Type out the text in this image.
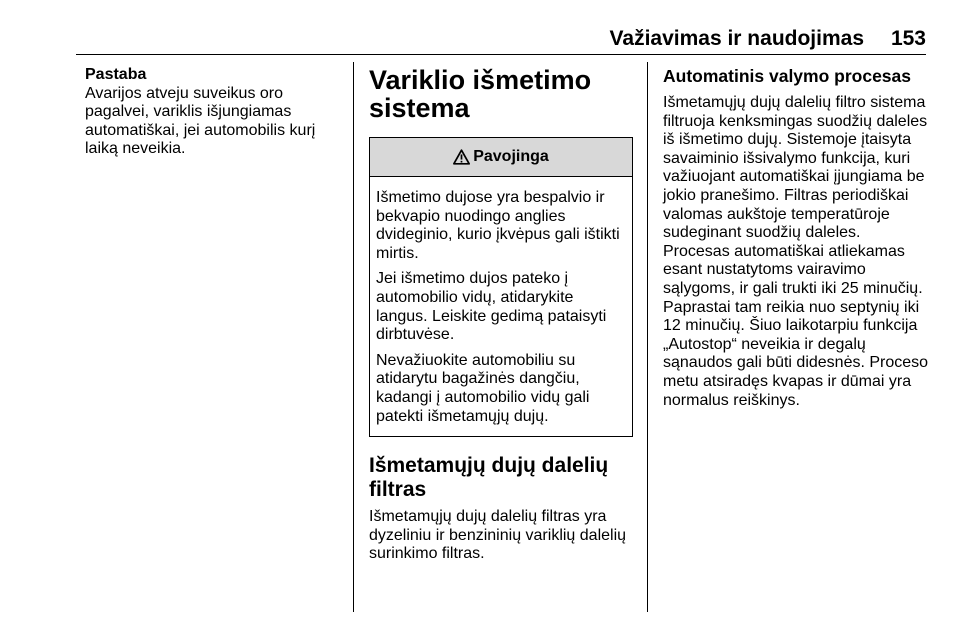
Važiavimas ir naudojimas 153
Pastaba
Avarijos atveju suveikus oro
pagalvei, variklis išjungiamas
automatiškai, jei automobilis kurį
laiką neveikia.
Variklio išmetimo
sistema
Pavojinga

Išmetimo dujose yra bespalvio ir
bekvapio nuodingo anglies
dvideginio, kurio įkvėpus gali ištikti
mirtis.

Jei išmetimo dujos pateko į
automobilio vidų, atidarykite
langus. Leiskite gedimą pataisyti
dirbtuvėse.

Nevažiuokite automobiliu su
atidarytu bagažinės dangčiu,
kadangi į automobilio vidų gali
patekti išmetamųjų dujų.

Išmetamųjų dujų dalelių
filtras
Išmetamųjų dujų dalelių filtras yra
dyzeliniu ir benzininių variklių dalelių
surinkimo filtras.
Automatinis valymo procesas
Išmetamųjų dujų dalelių filtro sistema
filtruoja kenksmingas suodžių daleles
iš išmetimo dujų. Sistemoje įtaisyta
savaiminio išsivalymo funkcija, kuri
važiuojant automatiškai įjungiama be
jokio pranešimo. Filtras periodiškai
valomas aukštoje temperatūroje
sudeginant suodžių daleles.
Procesas automatiškai atliekamas
esant nustatytoms vairavimo
sąlygoms, ir gali trukti iki 25 minučių.
Paprastai tam reikia nuo septynių iki
12 minučių. Šiuo laikotarpiu funkcija
„Autostop“ neveikia ir degalų
sąnaudos gali būti didesnės. Proceso
metu atsiradęs kvapas ir dūmai yra
normalus reiškinys.
